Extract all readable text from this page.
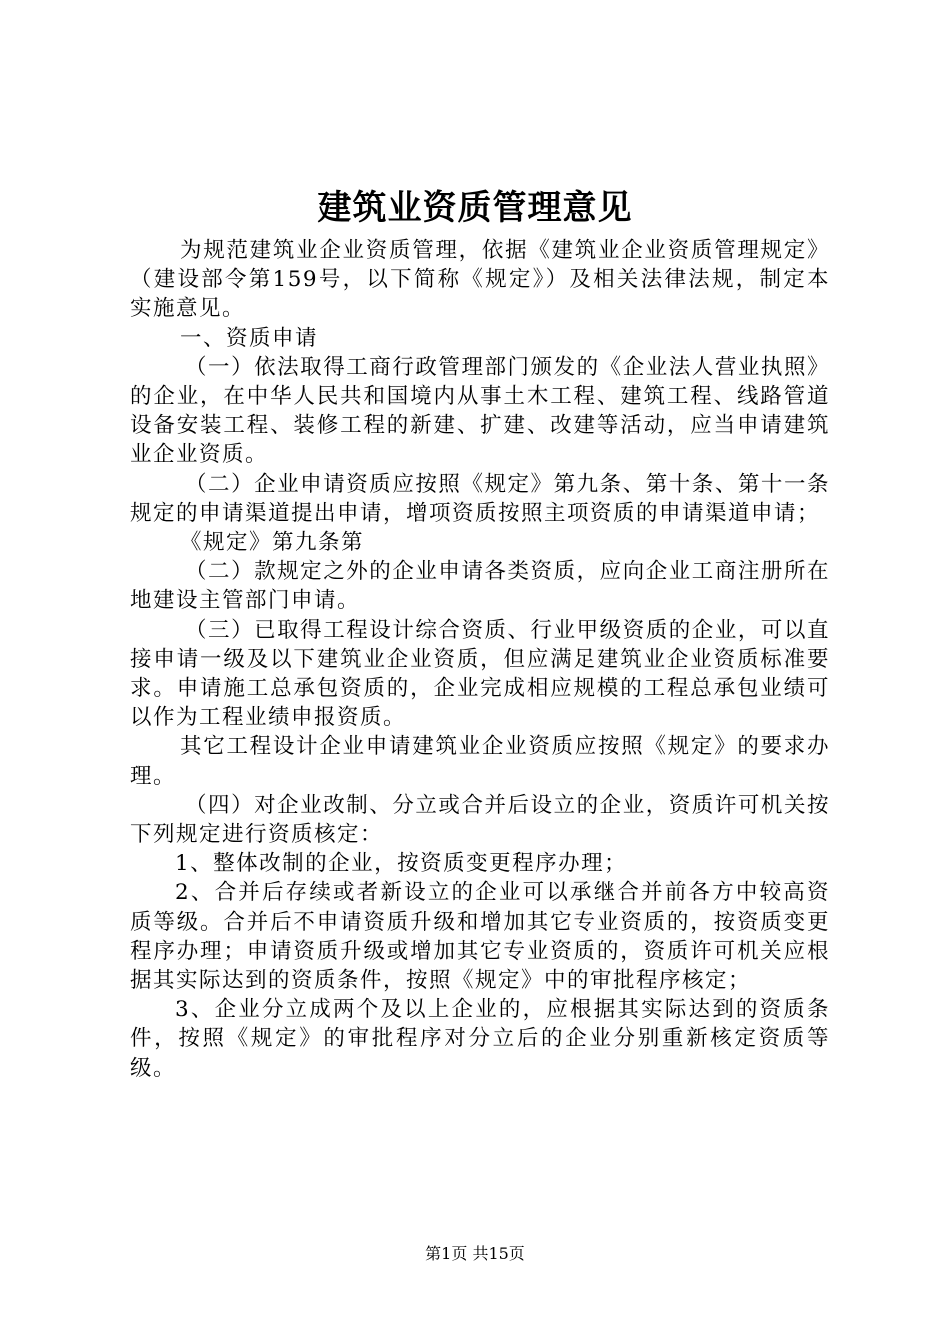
建筑业资质管理意见

为规范建筑业企业资质管理，依据《建筑业企业资质管理规定》（建设部令第159号，以下简称《规定》）及相关法律法规，制定本实施意见。

一、资质申请

（一）依法取得工商行政管理部门颁发的《企业法人营业执照》的企业，在中华人民共和国境内从事土木工程、建筑工程、线路管道设备安装工程、装修工程的新建、扩建、改建等活动，应当申请建筑业企业资质。

（二）企业申请资质应按照《规定》第九条、第十条、第十一条规定的申请渠道提出申请，增项资质按照主项资质的申请渠道申请；

《规定》第九条第

（二）款规定之外的企业申请各类资质，应向企业工商注册所在地建设主管部门申请。

（三）已取得工程设计综合资质、行业甲级资质的企业，可以直接申请一级及以下建筑业企业资质，但应满足建筑业企业资质标准要求。申请施工总承包资质的，企业完成相应规模的工程总承包业绩可以作为工程业绩申报资质。

其它工程设计企业申请建筑业企业资质应按照《规定》的要求办理。

（四）对企业改制、分立或合并后设立的企业，资质许可机关按下列规定进行资质核定：

1、整体改制的企业，按资质变更程序办理；

2、合并后存续或者新设立的企业可以承继合并前各方中较高资质等级。合并后不申请资质升级和增加其它专业资质的，按资质变更程序办理；申请资质升级或增加其它专业资质的，资质许可机关应根据其实际达到的资质条件，按照《规定》中的审批程序核定；

3、企业分立成两个及以上企业的，应根据其实际达到的资质条件，按照《规定》的审批程序对分立后的企业分别重新核定资质等级。

第1页 共15页
